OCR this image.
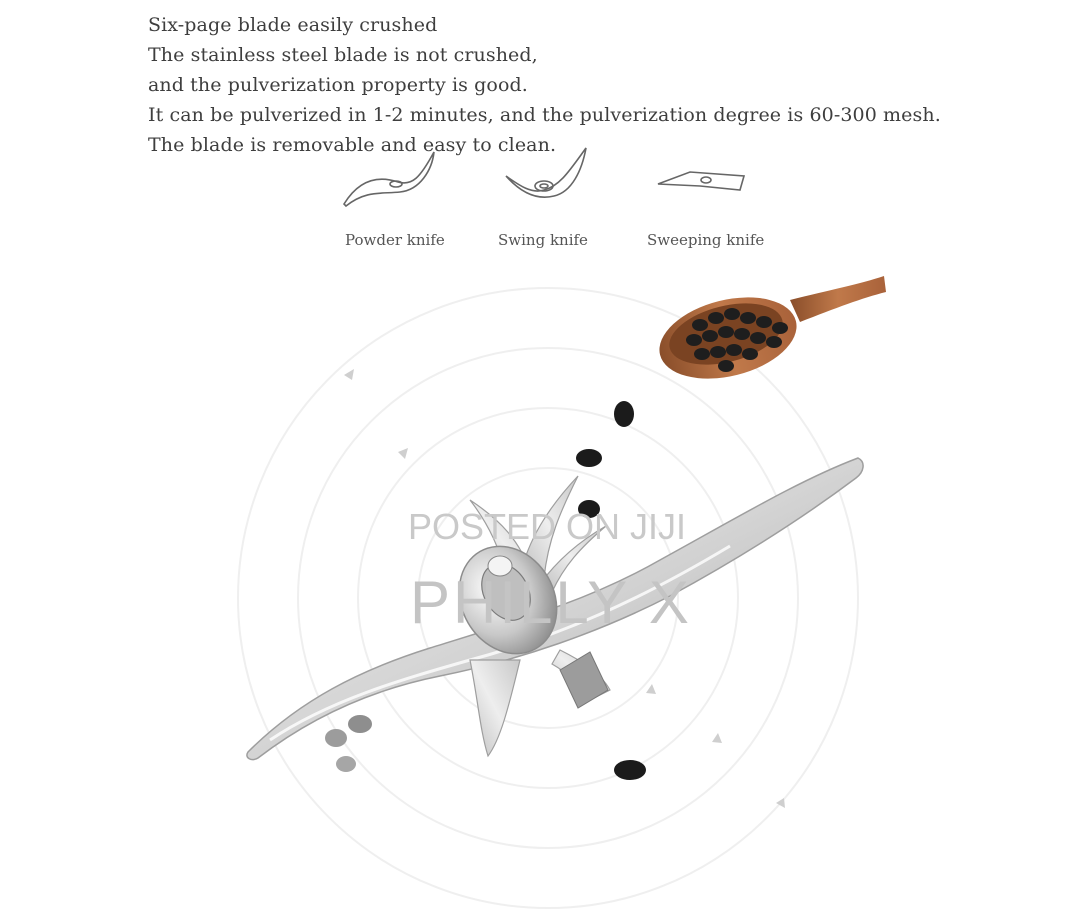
Six-page blade easily crushed
The stainless steel blade is not crushed,
and the pulverization property is good.
It can be pulverized in 1-2 minutes, and the pulverization degree is 60-300 mesh.
The blade is removable and easy to clean.
Powder knife	Swing knife	Sweeping knife
POSTED ON JIJI
PHILLY X
